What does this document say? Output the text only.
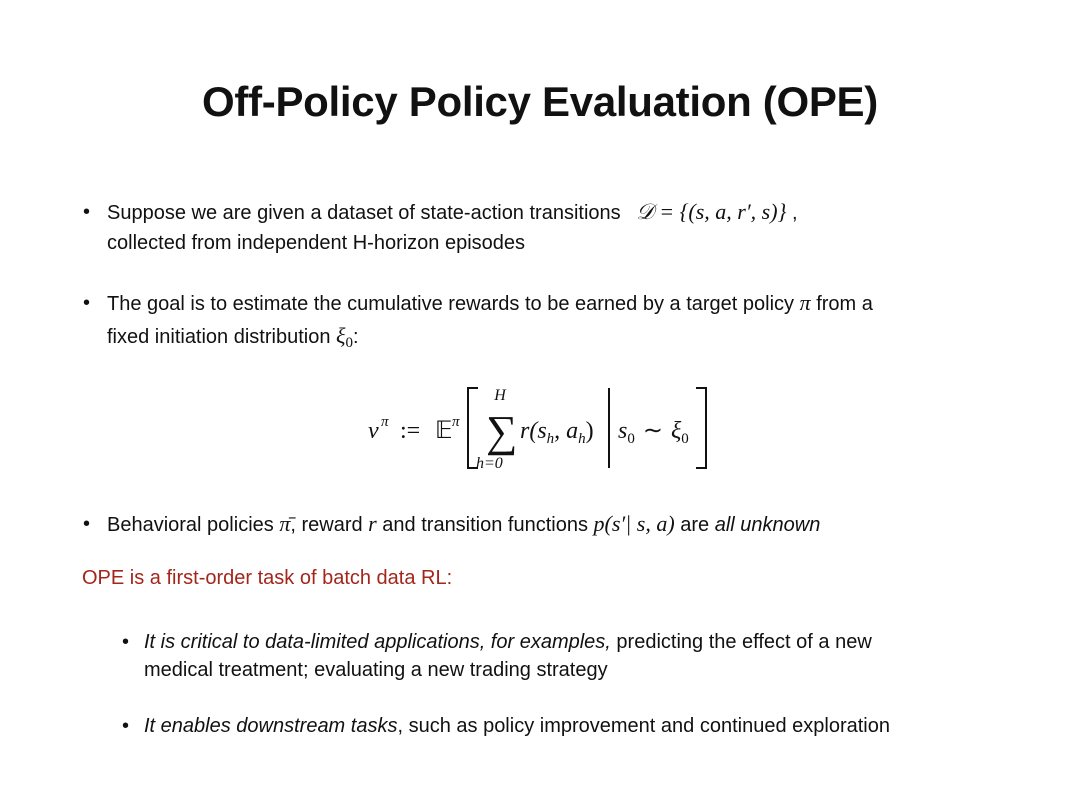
Off-Policy Policy Evaluation (OPE)
• Suppose we are given a dataset of state-action transitions 𝒟 = {(s, a, r′, s)} ,
collected from independent H-horizon episodes
• The goal is to estimate the cumulative rewards to be earned by a target policy π from a
fixed initiation distribution $\xi_0$:
v π := 𝔼 π
H
∑
h=0
$r(s_h$, $a_h$) $s_0$ ∼ $\xi_0$
• Behavioral policies π̄, reward r and transition functions p(s′| s, a) are all unknown
OPE is a first-order task of batch data RL:
• It is critical to data-limited applications, for examples, predicting the effect of a new
medical treatment; evaluating a new trading strategy
• It enables downstream tasks, such as policy improvement and continued exploration
